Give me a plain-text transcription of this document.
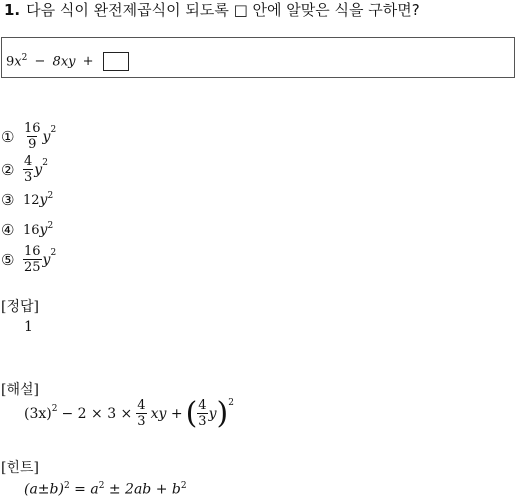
1. 다음 식이 완전제곱식이 되도록 □ 안에 알맞은 식을 구하면?
$9x^2 - 8xy$ +
① $\frac{16}{9}$ y 2
② $\frac{4}{3}$ y 2
③ 12 y 2
④ 16 y 2
⑤ $\frac{16}{25}$ y 2
[정답]
1
[해설]
(3x) $2 - 2 \times 3 \times \frac{4}{3}$ xy + ( $\frac{4}{3}$ y ) 2
[힌트]
$(a\pm b)^2 = a^2 \pm 2ab + b^2$
